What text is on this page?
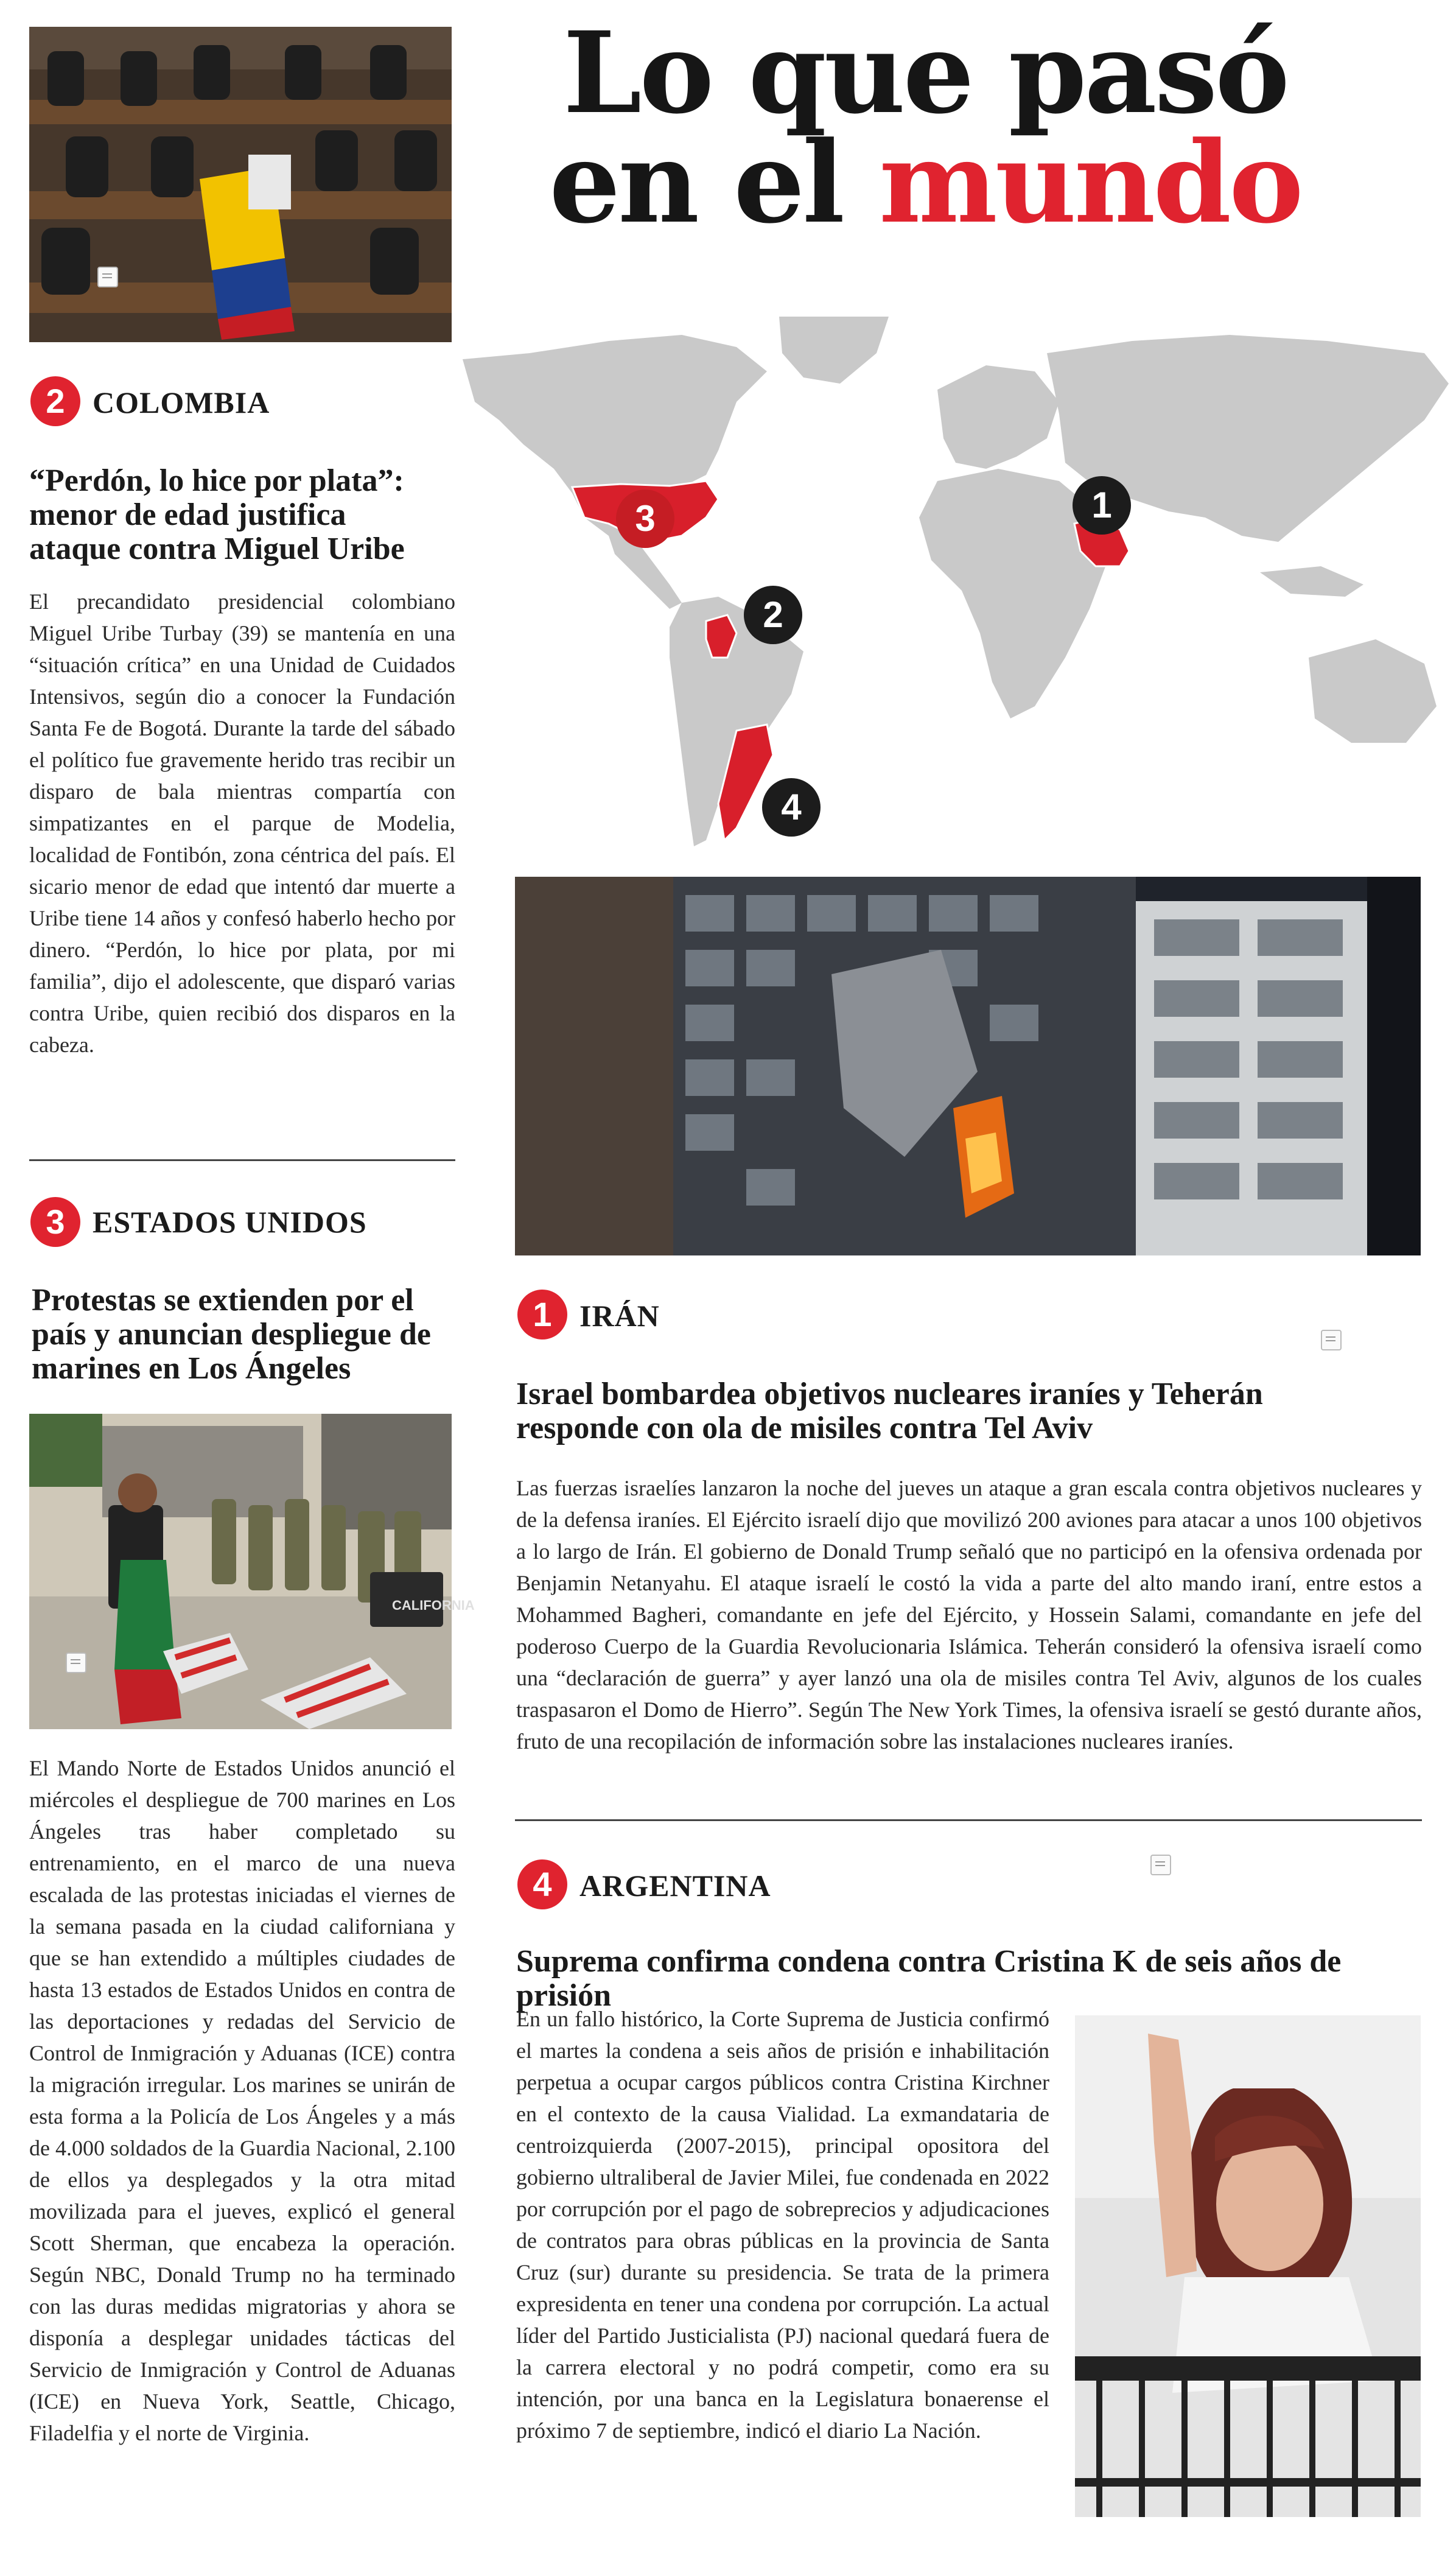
Lo que pasó
en el mundo
3	1
2
4
2 COLOMBIA
“Perdón, lo hice por plata”: menor de edad justifica ataque contra Miguel Uribe
El precandidato presidencial colombiano Miguel Uribe Turbay (39) se mantenía en una “situación crítica” en una Unidad de Cuidados Intensivos, según dio a conocer la Fundación Santa Fe de Bogotá. Durante la tarde del sábado el político fue gravemente herido tras recibir un disparo de bala mientras compartía con simpatizantes en el parque de Modelia, localidad de Fontibón, zona céntrica del país. El sicario menor de edad que intentó dar muerte a Uribe tiene 14 años y confesó haberlo hecho por dinero. “Perdón, lo hice por plata, por mi familia”, dijo el adolescente, que disparó varias contra Uribe, quien recibió dos disparos en la cabeza.
3 ESTADOS UNIDOS
Protestas se extienden por el país y anuncian despliegue de marines en Los Ángeles
CALIFORNIA
El Mando Norte de Estados Unidos anunció el miércoles el despliegue de 700 marines en Los Ángeles tras haber completado su entrenamiento, en el marco de una nueva escalada de las protestas iniciadas el viernes de la semana pasada en la ciudad californiana y que se han extendido a múltiples ciudades de hasta 13 estados de Estados Unidos en contra de las deportaciones y redadas del Servicio de Control de Inmigración y Aduanas (ICE) contra la migración irregular. Los marines se unirán de esta forma a la Policía de Los Ángeles y a más de 4.000 soldados de la Guardia Nacional, 2.100 de ellos ya desplegados y la otra mitad movilizada para el jueves, explicó el general Scott Sherman, que encabeza la operación. Según NBC, Donald Trump no ha terminado con las duras medidas migratorias y ahora se disponía a desplegar unidades tácticas del Servicio de Inmigración y Control de Aduanas (ICE) en Nueva York, Seattle, Chicago, Filadelfia y el norte de Virginia.
1 IRÁN
Israel bombardea objetivos nucleares iraníes y Teherán responde con ola de misiles contra Tel Aviv
Las fuerzas israelíes lanzaron la noche del jueves un ataque a gran escala contra objetivos nucleares y de la defensa iraníes. El Ejército israelí dijo que movilizó 200 aviones para atacar a unos 100 objetivos a lo largo de Irán. El gobierno de Donald Trump señaló que no participó en la ofensiva ordenada por Benjamin Netanyahu. El ataque israelí le costó la vida a parte del alto mando iraní, entre estos a Mohammed Bagheri, comandante en jefe del Ejército, y Hossein Salami, comandante en jefe del poderoso Cuerpo de la Guardia Revolucionaria Islámica. Teherán consideró la ofensiva israelí como una “declaración de guerra” y ayer lanzó una ola de misiles contra Tel Aviv, algunos de los cuales traspasaron el Domo de Hierro”. Según The New York Times, la ofensiva israelí se gestó durante años, fruto de una recopilación de información sobre las instalaciones nucleares iraníes.
4 ARGENTINA
Suprema confirma condena contra Cristina K de seis años de prisión
En un fallo histórico, la Corte Suprema de Justicia confirmó el martes la condena a seis años de prisión e inhabilitación perpetua a ocupar cargos públicos contra Cristina Kirchner en el contexto de la causa Vialidad. La exmandataria de centroizquierda (2007-2015), principal opositora del gobierno ultraliberal de Javier Milei, fue condenada en 2022 por corrupción por el pago de sobreprecios y adjudicaciones de contratos para obras públicas en la provincia de Santa Cruz (sur) durante su presidencia. Se trata de la primera expresidenta en tener una condena por corrupción. La actual líder del Partido Justicialista (PJ) nacional quedará fuera de la carrera electoral y no podrá competir, como era su intención, por una banca en la Legislatura bonaerense el próximo 7 de septiembre, indicó el diario La Nación.
